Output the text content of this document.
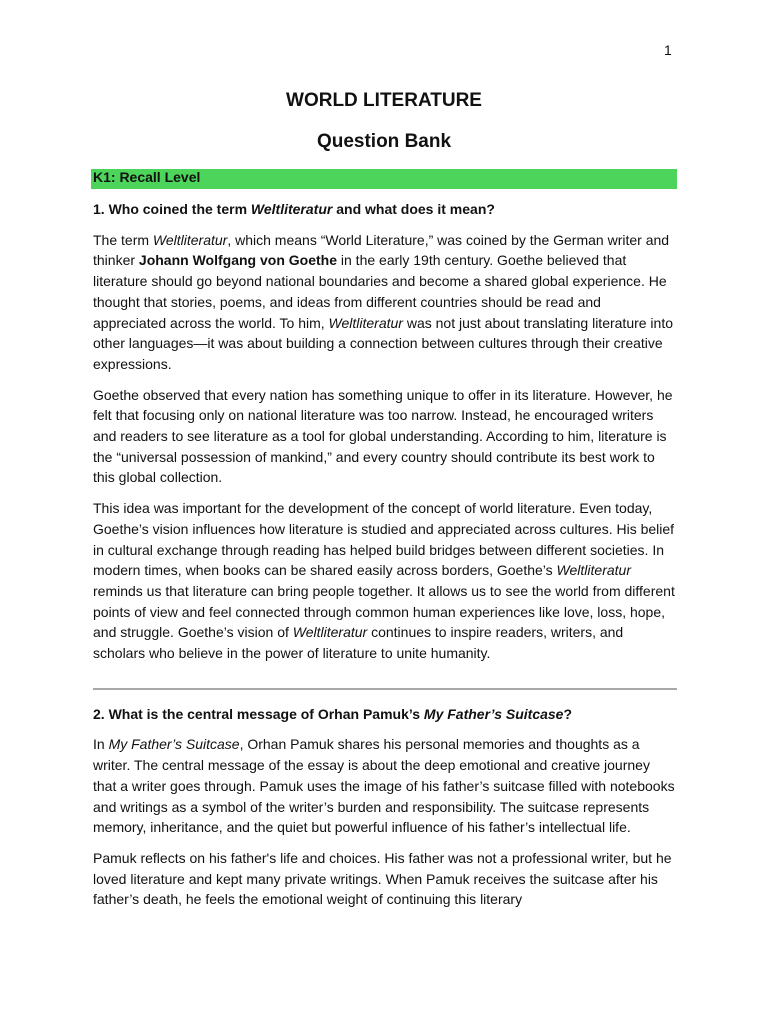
1
WORLD LITERATURE
Question Bank
K1: Recall Level

1. Who coined the term Weltliteratur and what does it mean?

The term Weltliteratur, which means “World Literature,” was coined by the German writer and thinker Johann Wolfgang von Goethe in the early 19th century. Goethe believed that literature should go beyond national boundaries and become a shared global experience. He thought that stories, poems, and ideas from different countries should be read and appreciated across the world. To him, Weltliteratur was not just about translating literature into other languages—it was about building a connection between cultures through their creative expressions.

Goethe observed that every nation has something unique to offer in its literature. However, he felt that focusing only on national literature was too narrow. Instead, he encouraged writers and readers to see literature as a tool for global understanding. According to him, literature is the “universal possession of mankind,” and every country should contribute its best work to this global collection.

This idea was important for the development of the concept of world literature. Even today, Goethe’s vision influences how literature is studied and appreciated across cultures. His belief in cultural exchange through reading has helped build bridges between different societies. In modern times, when books can be shared easily across borders, Goethe’s Weltliteratur reminds us that literature can bring people together. It allows us to see the world from different points of view and feel connected through common human experiences like love, loss, hope, and struggle. Goethe’s vision of Weltliteratur continues to inspire readers, writers, and scholars who believe in the power of literature to unite humanity.

2. What is the central message of Orhan Pamuk’s My Father’s Suitcase?

In My Father’s Suitcase, Orhan Pamuk shares his personal memories and thoughts as a writer. The central message of the essay is about the deep emotional and creative journey that a writer goes through. Pamuk uses the image of his father’s suitcase filled with notebooks and writings as a symbol of the writer’s burden and responsibility. The suitcase represents memory, inheritance, and the quiet but powerful influence of his father’s intellectual life.

Pamuk reflects on his father's life and choices. His father was not a professional writer, but he loved literature and kept many private writings. When Pamuk receives the suitcase after his father’s death, he feels the emotional weight of continuing this literary
